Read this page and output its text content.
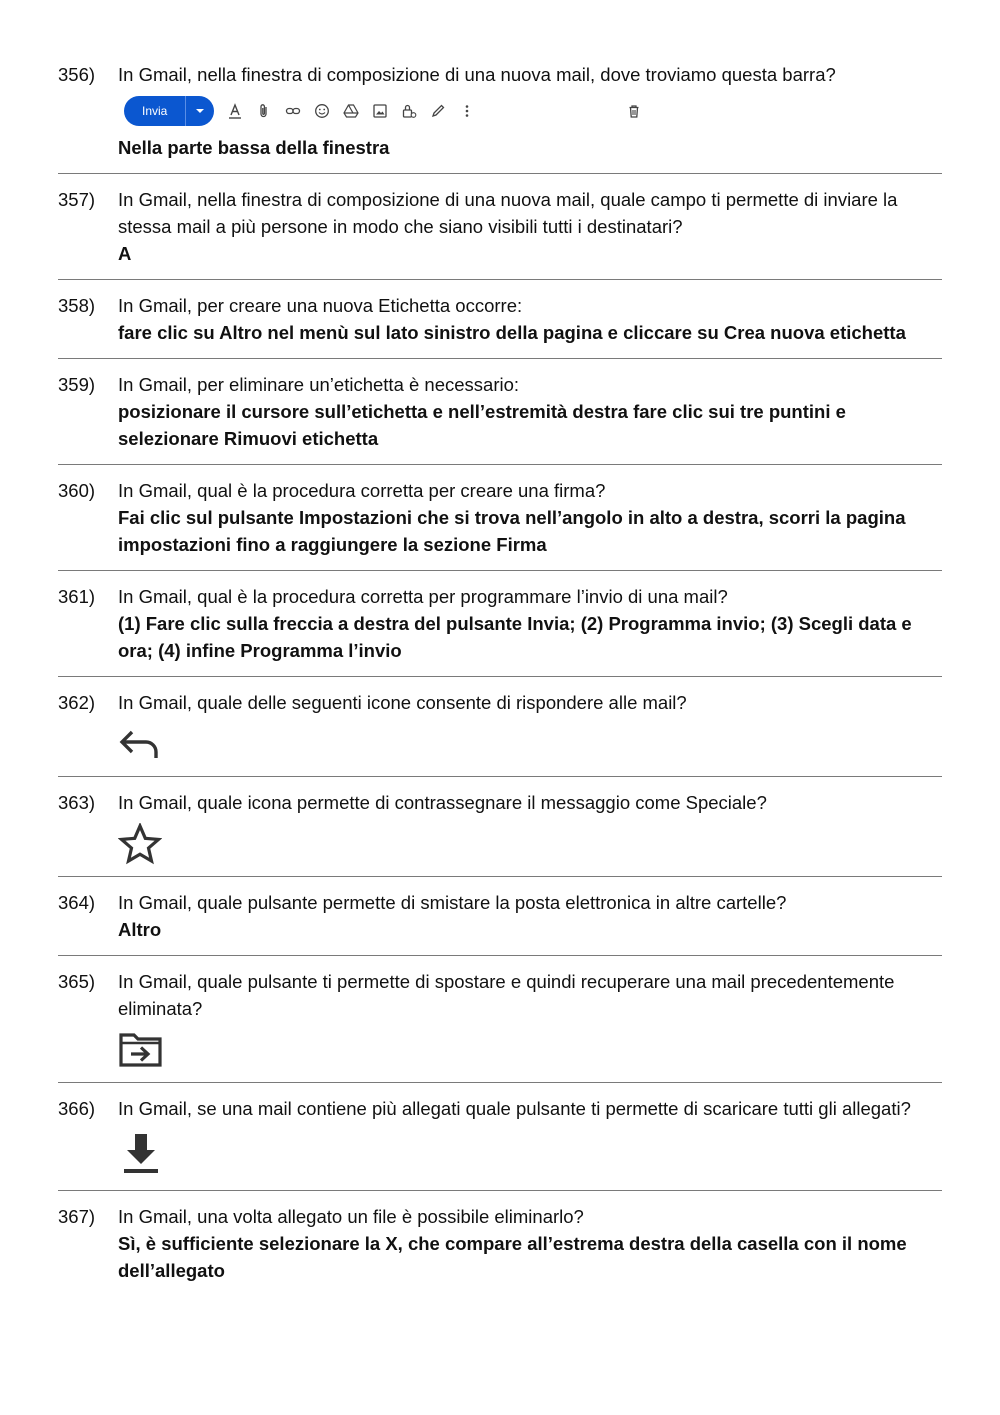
356)	In Gmail, nella finestra di composizione di una nuova mail, dove troviamo questa barra?
Invia
Nella parte bassa della finestra
357)	In Gmail, nella finestra di composizione di una nuova mail, quale campo ti permette di inviare la stessa mail a più persone in modo che siano visibili tutti i destinatari?
A
358)	In Gmail, per creare una nuova Etichetta occorre:
fare clic su Altro nel menù sul lato sinistro della pagina e cliccare su Crea nuova etichetta
359)	In Gmail, per eliminare un’etichetta è necessario:
posizionare il cursore sull’etichetta e nell’estremità destra fare clic sui tre puntini e selezionare Rimuovi etichetta
360)	In Gmail, qual è la procedura corretta per creare una firma?
Fai clic sul pulsante Impostazioni che si trova nell’angolo in alto a destra, scorri la pagina impostazioni fino a raggiungere la sezione Firma
361)	In Gmail, qual è la procedura corretta per programmare l’invio di una mail?
(1) Fare clic sulla freccia a destra del pulsante Invia; (2) Programma invio; (3) Scegli data e ora; (4) infine Programma l’invio
362)	In Gmail, quale delle seguenti icone consente di rispondere alle mail?
363)	In Gmail, quale icona permette di contrassegnare il messaggio come Speciale?
364)	In Gmail, quale pulsante permette di smistare la posta elettronica in altre cartelle?
Altro
365)	In Gmail, quale pulsante ti permette di spostare e quindi recuperare una mail precedentemente eliminata?
366)	In Gmail, se una mail contiene più allegati quale pulsante ti permette di scaricare tutti gli allegati?
367)	In Gmail, una volta allegato un file è possibile eliminarlo?
Sì, è sufficiente selezionare la X, che compare all’estrema destra della casella con il nome dell’allegato
